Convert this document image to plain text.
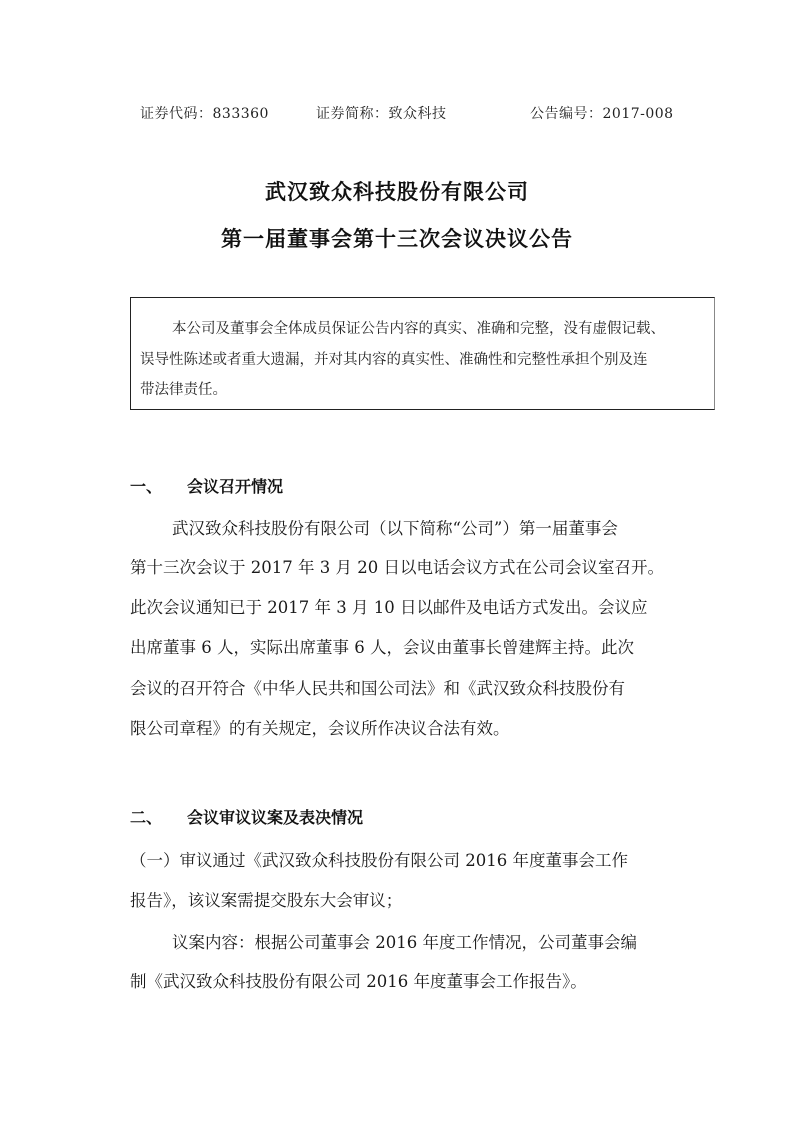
证券代码：833360	证券简称：致众科技	公告编号：2017-008
武汉致众科技股份有限公司
第一届董事会第十三次会议决议公告
本公司及董事会全体成员保证公告内容的真实、准确和完整，没有虚假记载、
误导性陈述或者重大遗漏，并对其内容的真实性、准确性和完整性承担个别及连
带法律责任。
一、 会议召开情况
武汉致众科技股份有限公司（以下简称“公司”）第一届董事会
第十三次会议于 2017 年 3 月 20 日以电话会议方式在公司会议室召开。
此次会议通知已于 2017 年 3 月 10 日以邮件及电话方式发出。会议应
出席董事 6 人，实际出席董事 6 人，会议由董事长曾建辉主持。此次
会议的召开符合《中华人民共和国公司法》和《武汉致众科技股份有
限公司章程》的有关规定，会议所作决议合法有效。
二、 会议审议议案及表决情况
（一）审议通过《武汉致众科技股份有限公司 2016 年度董事会工作
报告》，该议案需提交股东大会审议；
议案内容：根据公司董事会 2016 年度工作情况，公司董事会编
制《武汉致众科技股份有限公司 2016 年度董事会工作报告》。
